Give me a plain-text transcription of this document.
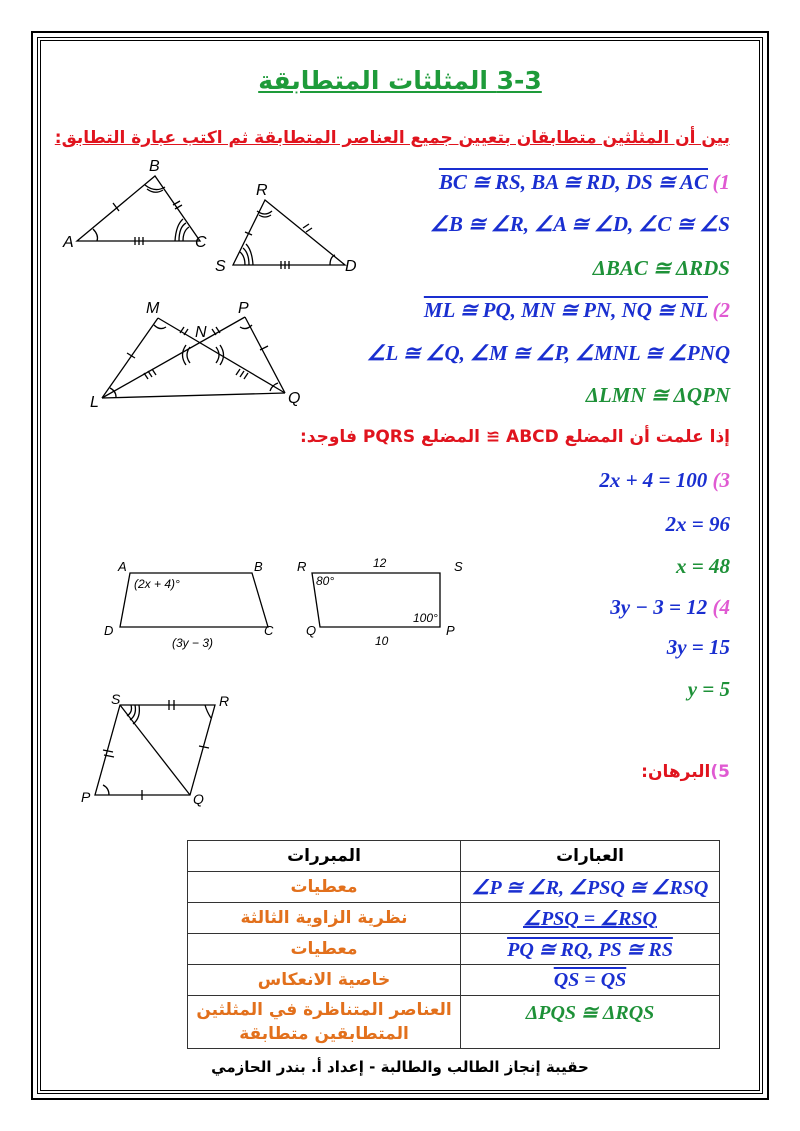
3-3 المثلثات المتطابقة
بين أن المثلثين متطابقان بتعيين جميع العناصر المتطابقة ثم اكتب عبارة التطابق:
(1
BC ≅ RS, BA ≅ RD, DS ≅ AC
∠B ≅ ∠R, ∠A ≅ ∠D, ∠C ≅ ∠S
ΔBAC ≅ ΔRDS
(2
ML ≅ PQ, MN ≅ PN, NQ ≅ NL
∠L ≅ ∠Q, ∠M ≅ ∠P, ∠MNL ≅ ∠PNQ
ΔLMN ≅ ΔQPN
إذا علمت أن المضلع ABCD ≅ المضلع PQRS فاوجد:
2x + 4 = 100 (3
2x = 96
x = 48
3y − 3 = 12 (4
3y = 15
y = 5
5)البرهان:
B
A	C
R
S	D
M
N
P
L	Q
A	B
C
D
(2x + 4)°
(3y − 3)
R	S
P
Q
12
10
80°
100°
S	R
P	Q
المبررات	العبارات
معطيات	∠P ≅ ∠R, ∠PSQ ≅ ∠RSQ
نظرية الزاوية الثالثة	∠PSQ = ∠RSQ
معطيات	PQ ≅ RQ, PS ≅ RS
خاصية الانعكاس	QS = QS
العناصر المتناظرة في المثلثين المتطابقين متطابقة	ΔPQS ≅ ΔRQS
حقيبة إنجاز الطالب والطالبة - إعداد أ. بندر الحازمي
